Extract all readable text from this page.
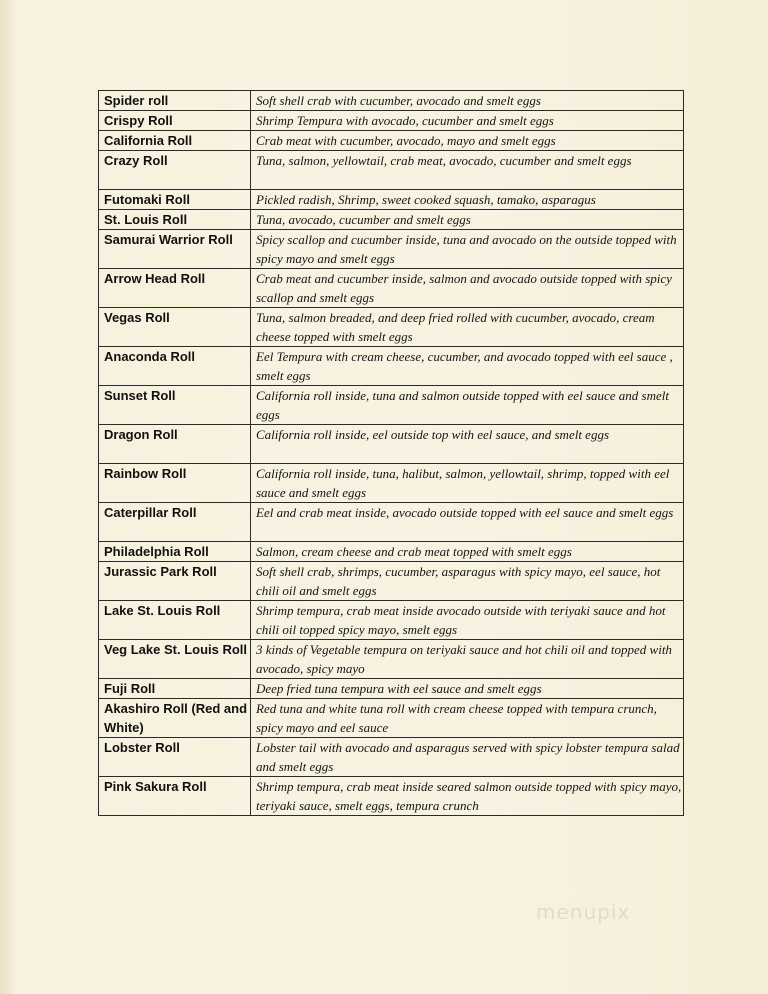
Spider roll	Soft shell crab with cucumber, avocado and smelt eggs
Crispy Roll	Shrimp Tempura with avocado, cucumber and smelt eggs
California Roll	Crab meat with cucumber, avocado, mayo and smelt eggs
Crazy Roll	Tuna, salmon, yellowtail, crab meat, avocado, cucumber and smelt eggs
Futomaki Roll	Pickled radish, Shrimp, sweet cooked squash, tamako, asparagus
St. Louis Roll	Tuna, avocado, cucumber and smelt eggs
Samurai Warrior Roll	Spicy scallop and cucumber inside, tuna and avocado on the outside topped with spicy mayo and smelt eggs
Arrow Head Roll	Crab meat and cucumber inside, salmon and avocado outside topped with spicy scallop and smelt eggs
Vegas Roll	Tuna, salmon breaded, and deep fried rolled with cucumber, avocado, cream cheese topped with smelt eggs
Anaconda Roll	Eel Tempura with cream cheese, cucumber, and avocado topped with eel sauce , smelt eggs
Sunset Roll	California roll inside, tuna and salmon outside topped with eel sauce and smelt eggs
Dragon Roll	California roll inside, eel outside top with eel sauce, and smelt eggs
Rainbow Roll	California roll inside, tuna, halibut, salmon, yellowtail, shrimp, topped with eel sauce and smelt eggs
Caterpillar Roll	Eel and crab meat inside, avocado outside topped with eel sauce and smelt eggs
Philadelphia Roll	Salmon, cream cheese and crab meat topped with smelt eggs
Jurassic Park Roll	Soft shell crab, shrimps, cucumber, asparagus with spicy mayo, eel sauce, hot chili oil and smelt eggs
Lake St. Louis Roll	Shrimp tempura, crab meat inside avocado outside with teriyaki sauce and hot chili oil topped spicy mayo, smelt eggs
Veg Lake St. Louis Roll	3 kinds of Vegetable tempura on teriyaki sauce and hot chili oil and topped with avocado, spicy mayo
Fuji Roll	Deep fried tuna tempura with eel sauce and smelt eggs
Akashiro Roll (Red and White)	Red tuna and white tuna roll with cream cheese topped with tempura crunch, spicy mayo and eel sauce
Lobster Roll	Lobster tail with avocado and asparagus served with spicy lobster tempura salad and smelt eggs
Pink Sakura Roll	Shrimp tempura, crab meat inside seared salmon outside topped with spicy mayo, teriyaki sauce, smelt eggs, tempura crunch
menupix
